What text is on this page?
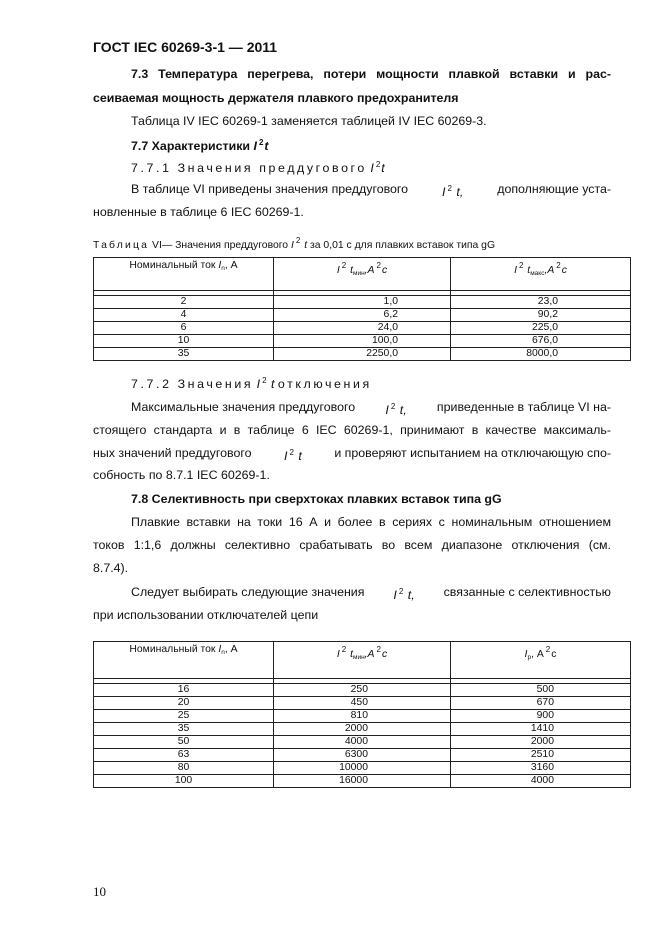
ГОСТ IEC 60269-3-1 — 2011
7.3 Температура перегрева, потери мощности плавкой вставки и рас-
сеиваемая мощность держателя плавкого предохранителя
Таблица IV IEC 60269-1 заменяется таблицей IV IEC 60269-3.
7.7 Характеристики I $^2$t
7.7.1 Значения преддугового I $^2$t
В таблице VI приведены значения преддугового	I $^2$ t,	дополняющие уста-
новленные в таблице 6 IEC 60269-1.
Таблица VI— Значения преддугового I $^2$ t за 0,01 с для плавких вставок типа gG
Номинальный ток $I_n$, А	I $^2$ $t_{мин},А$ $^2$c	I $^2$ $t_{макс},А$ $^2$c

2	1,0	23,0
4	6,2	90,2
6	24,0	225,0
10	100,0	676,0
35	2250,0	8000,0
7.7.2 Значения I $^2$ t отключения
Максимальные значения преддугового I $^2$ t, приведенные в таблице VI на-
стоящего стандарта и в таблице 6 IEC 60269-1, принимают в качестве максималь-
ных значений преддугового	I $^2$ t	и проверяют испытанием на отключающую спо-
собность по 8.7.1 IEC 60269-1.
7.8 Селективность при сверхтоках плавких вставок типа gG
Плавкие вставки на токи 16 А и более в сериях с номинальным отношением
токов 1:1,6 должны селективно срабатывать во всем диапазоне отключения (см.
8.7.4).
Следует выбирать следующие значения I $^2$ t, связанные с селективностью
при использовании отключателей цепи
Номинальный ток $I_n$, А	I $^2$ $t_{мин},А$ $^2$c	$I_p$, А $^2$с

16	250	500
20	450	670
25	810	900
35	2000	1410
50	4000	2000
63	6300	2510
80	10000	3160
100	16000	4000
10
